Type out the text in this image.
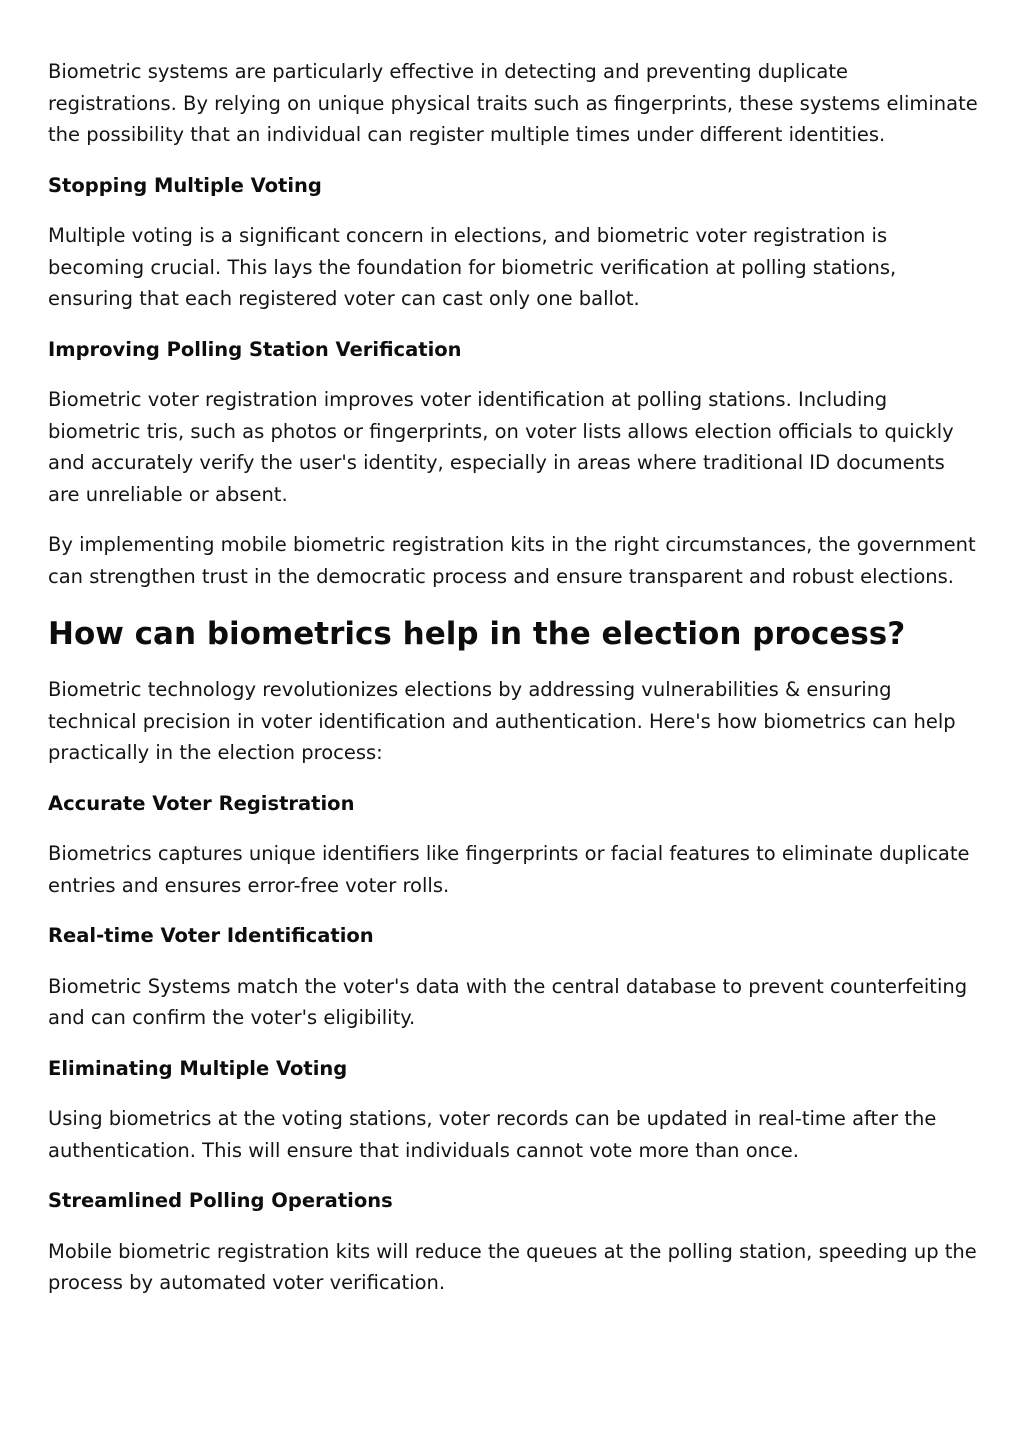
Biometric systems are particularly effective in detecting and preventing duplicate registrations. By relying on unique physical traits such as fingerprints, these systems eliminate the possibility that an individual can register multiple times under different identities.

Stopping Multiple Voting

Multiple voting is a significant concern in elections, and biometric voter registration is becoming crucial. This lays the foundation for biometric verification at polling stations, ensuring that each registered voter can cast only one ballot.

Improving Polling Station Verification

Biometric voter registration improves voter identification at polling stations. Including biometric tris, such as photos or fingerprints, on voter lists allows election officials to quickly and accurately verify the user's identity, especially in areas where traditional ID documents are unreliable or absent.

By implementing mobile biometric registration kits in the right circumstances, the government can strengthen trust in the democratic process and ensure transparent and robust elections.

How can biometrics help in the election process?

Biometric technology revolutionizes elections by addressing vulnerabilities & ensuring technical precision in voter identification and authentication. Here's how biometrics can help practically in the election process:

Accurate Voter Registration

Biometrics captures unique identifiers like fingerprints or facial features to eliminate duplicate entries and ensures error-free voter rolls.

Real-time Voter Identification

Biometric Systems match the voter's data with the central database to prevent counterfeiting and can confirm the voter's eligibility.

Eliminating Multiple Voting

Using biometrics at the voting stations, voter records can be updated in real-time after the authentication. This will ensure that individuals cannot vote more than once.

Streamlined Polling Operations

Mobile biometric registration kits will reduce the queues at the polling station, speeding up the process by automated voter verification.
